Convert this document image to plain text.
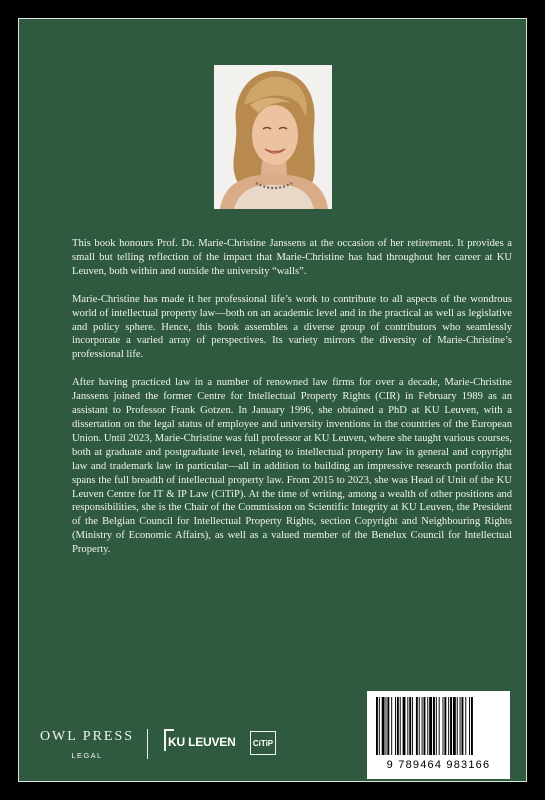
This book honours Prof. Dr. Marie-Christine Janssens at the occasion of her retirement. It provides a small but telling reflection of the impact that Marie-Christine has had throughout her career at KU Leuven, both within and outside the university “walls”.

Marie-Christine has made it her professional life’s work to contribute to all aspects of the wondrous world of intellectual property law—both on an academic level and in the practical as well as legislative and policy sphere. Hence, this book assembles a diverse group of contributors who seamlessly incorporate a varied array of perspectives. Its variety mirrors the diversity of Marie-Christine’s professional life.

After having practiced law in a number of renowned law firms for over a decade, Marie-Christine Janssens joined the former Centre for Intellectual Property Rights (CIR) in February 1989 as an assistant to Professor Frank Gotzen. In January 1996, she obtained a PhD at KU Leuven, with a dissertation on the legal status of employee and university inventions in the countries of the European Union. Until 2023, Marie-Christine was full professor at KU Leuven, where she taught various courses, both at graduate and postgraduate level, relating to intellectual property law in general and copyright law and trademark law in particular—all in addition to building an impressive research portfolio that spans the full breadth of intellectual property law. From 2015 to 2023, she was Head of Unit of the KU Leuven Centre for IT & IP Law (CiTiP). At the time of writing, among a wealth of other positions and responsibilities, she is the Chair of the Commission on Scientific Integrity at KU Leuven, the President of the Belgian Council for Intellectual Property Rights, section Copyright and Neighbouring Rights (Ministry of Economic Affairs), as well as a valued member of the Benelux Council for Intellectual Property.

OWL PRESS
LEGAL
KU LEUVEN	CiTiP
9 789464 983166
